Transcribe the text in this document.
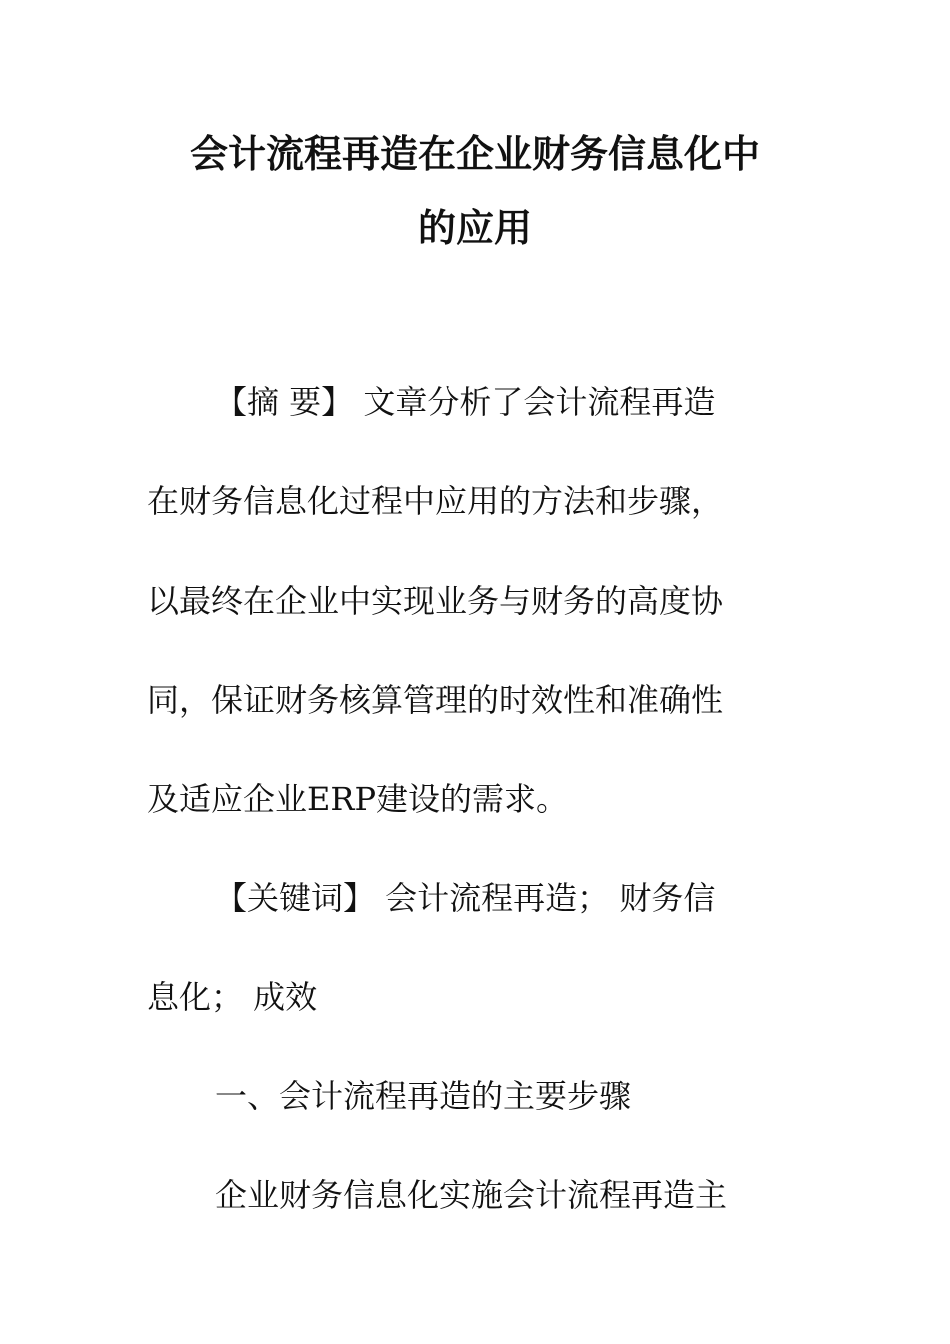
会计流程再造在企业财务信息化中
的应用
【摘 要】 文章分析了会计流程再造
在财务信息化过程中应用的方法和步骤，
以最终在企业中实现业务与财务的高度协
同，保证财务核算管理的时效性和准确性
及适应企业ERP建设的需求。
【关键词】 会计流程再造； 财务信
息化； 成效
一、会计流程再造的主要步骤
企业财务信息化实施会计流程再造主
